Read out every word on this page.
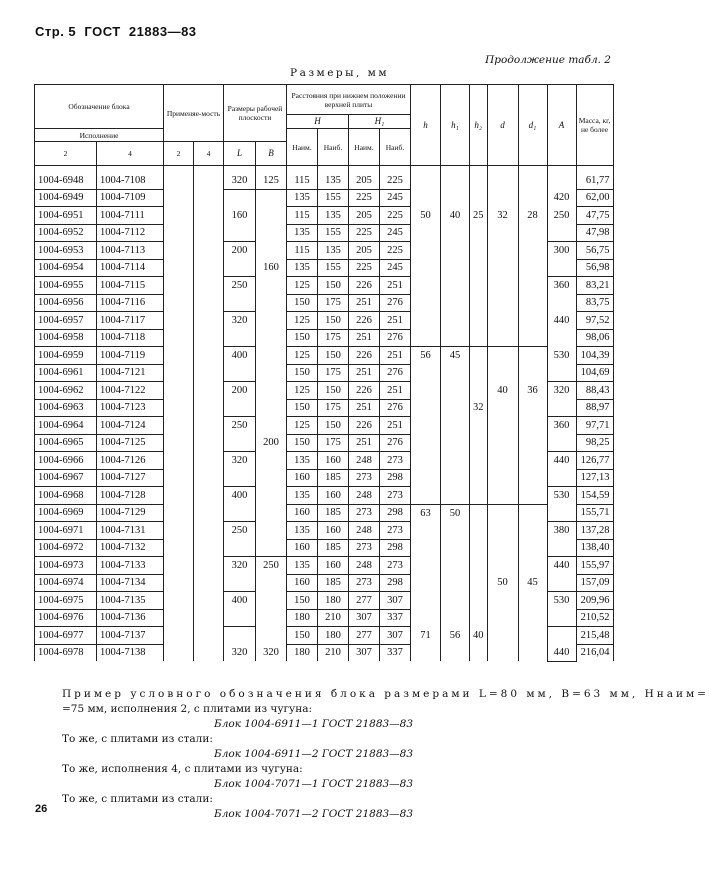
Стр. 5 ГОСТ  21883—83
Продолжение табл. 2
Размеры, мм
Обозначение блока		Применяе-мость		Размеры рабочей плоскости		Расстояния при нижнем положении верхней плиты				h	h₁	h₂	d	d₁	A	Масса, кг, не более
						H		H₁								
Исполнение						Наим.	Наиб.	Наим.	Наиб.							
2	4	2	4	L	B											

1004-6948	1004-7108			320	125	115	135	205	225							61,77
1004-6949	1004-7109					135	155	225	245						420	62,00
1004-6951	1004-7111			160		115	135	205	225	50	40	25	32	28	250	47,75
1004-6952	1004-7112					135	155	225	245							47,98
1004-6953	1004-7113			200		115	135	205	225						300	56,75
1004-6954	1004-7114				160	135	155	225	245							56,98
1004-6955	1004-7115			250		125	150	226	251						360	83,21
1004-6956	1004-7116					150	175	251	276							83,75
1004-6957	1004-7117			320		125	150	226	251						440	97,52
1004-6958	1004-7118					150	175	251	276							98,06
1004-6959	1004-7119			400		125	150	226	251	56	45				530	104,39
1004-6961	1004-7121					150	175	251	276							104,69
1004-6962	1004-7122			200		125	150	226	251				40	36	320	88,43
1004-6963	1004-7123					150	175	251	276			32				88,97
1004-6964	1004-7124			250		125	150	226	251						360	97,71
1004-6965	1004-7125				200	150	175	251	276							98,25
1004-6966	1004-7126			320		135	160	248	273						440	126,77
1004-6967	1004-7127					160	185	273	298							127,13
1004-6968	1004-7128			400		135	160	248	273						530	154,59
1004-6969	1004-7129					160	185	273	298	63	50					155,71
1004-6971	1004-7131			250		135	160	248	273						380	137,28
1004-6972	1004-7132					160	185	273	298							138,40
1004-6973	1004-7133			320	250	135	160	248	273						440	155,97
1004-6974	1004-7134					160	185	273	298				50	45		157,09
1004-6975	1004-7135			400		150	180	277	307						530	209,96
1004-6976	1004-7136					180	210	307	337							210,52
1004-6977	1004-7137					150	180	277	307	71	56	40				215,48
1004-6978	1004-7138			320	320	180	210	307	337						440	216,04

Пример условного обозначения блока размерами L=80 мм, B=63 мм, Hнаим=

=75 мм, исполнения 2, с плитами из чугуна:

Блок 1004-6911—1 ГОСТ 21883—83

То же, с плитами из стали:

Блок 1004-6911—2 ГОСТ 21883—83

То же, исполнения 4, с плитами из чугуна:

Блок 1004-7071—1 ГОСТ 21883—83

То же, с плитами из стали:

Блок 1004-7071—2 ГОСТ 21883—83

26
